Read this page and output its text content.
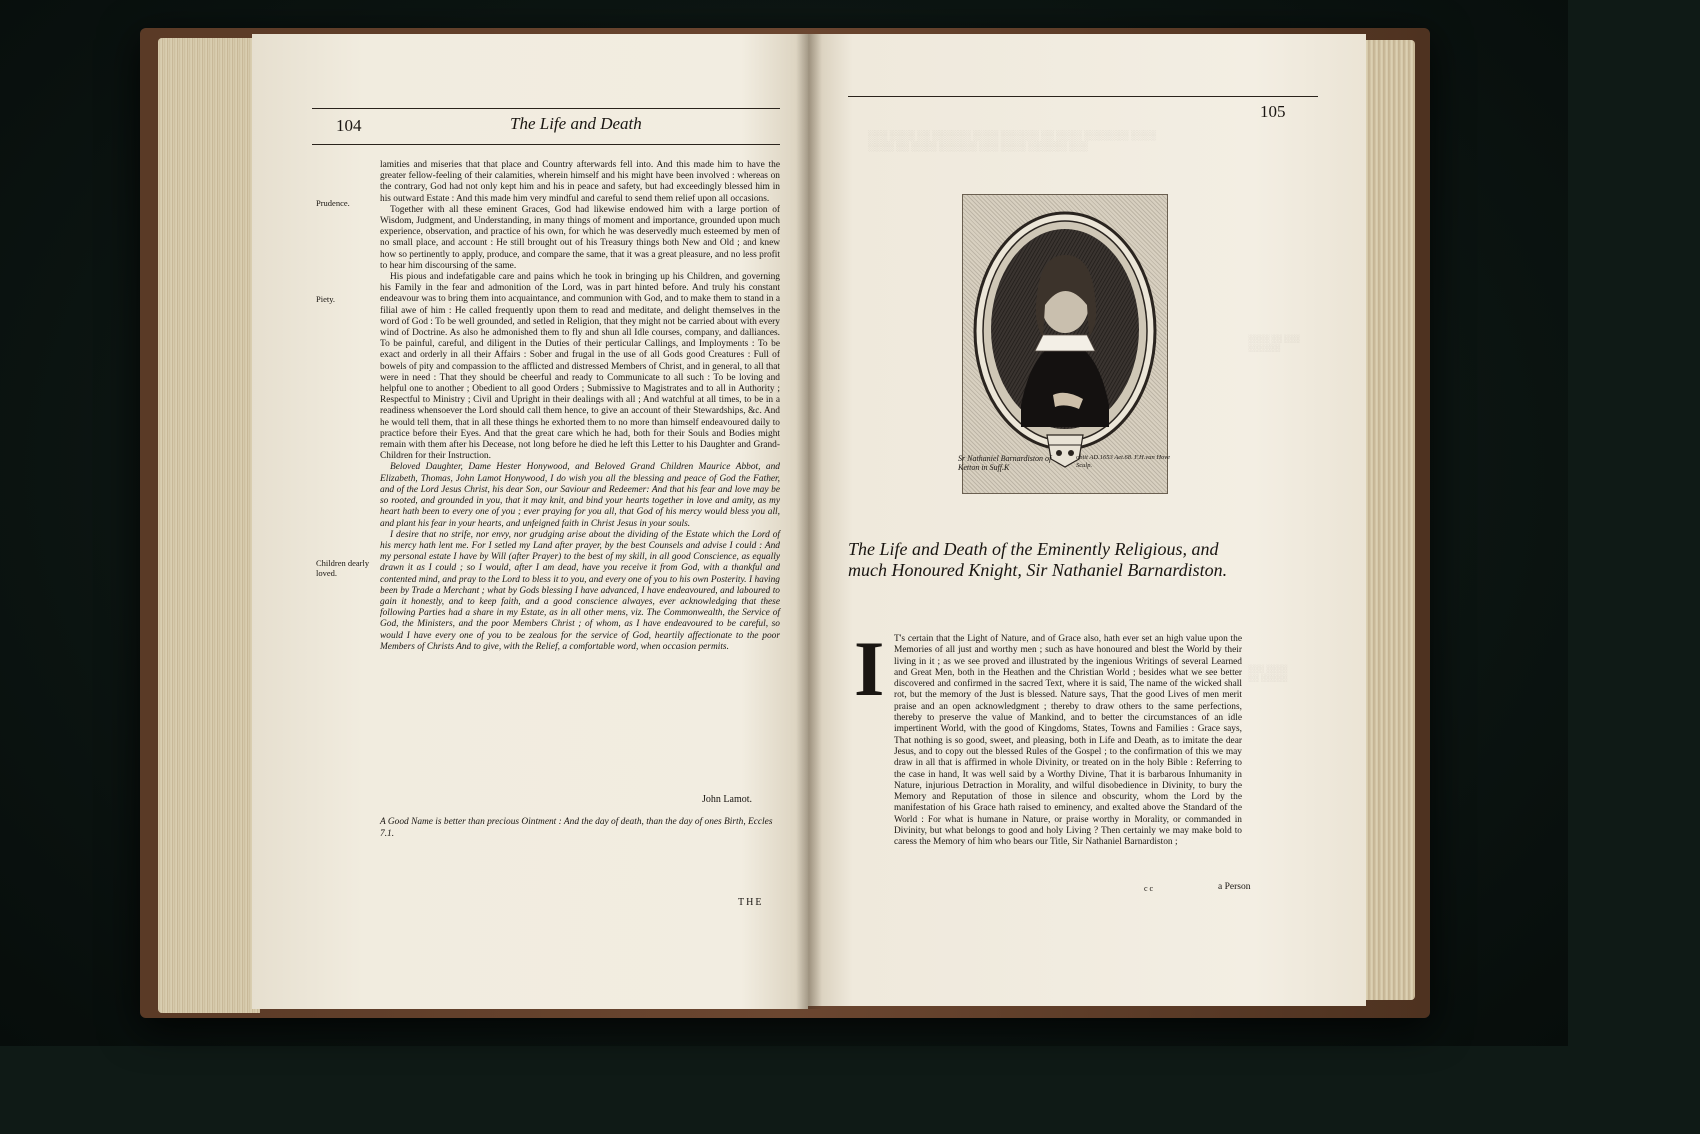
104	The Life and Death
Prudence.
Piety.
Children dearly loved.

lamities and miseries that that place and Country afterwards fell into. And this made him to have the greater fellow-feeling of their calamities, wherein himself and his might have been involved : whereas on the contrary, God had not only kept him and his in peace and safety, but had exceedingly blessed him in his outward Estate : And this made him very mindful and careful to send them relief upon all occasions.

Together with all these eminent Graces, God had likewise endowed him with a large portion of Wisdom, Judgment, and Understanding, in many things of moment and importance, grounded upon much experience, observation, and practice of his own, for which he was deservedly much esteemed by men of no small place, and account : He still brought out of his Treasury things both New and Old ; and knew how so pertinently to apply, produce, and compare the same, that it was a great pleasure, and no less profit to hear him discoursing of the same.

His pious and indefatigable care and pains which he took in bringing up his Children, and governing his Family in the fear and admonition of the Lord, was in part hinted before. And truly his constant endeavour was to bring them into acquaintance, and communion with God, and to make them to stand in a filial awe of him : He called frequently upon them to read and meditate, and delight themselves in the word of God : To be well grounded, and setled in Religion, that they might not be carried about with every wind of Doctrine. As also he admonished them to fly and shun all Idle courses, company, and dalliances. To be painful, careful, and diligent in the Duties of their perticular Callings, and Imployments : To be exact and orderly in all their Affairs : Sober and frugal in the use of all Gods good Creatures : Full of bowels of pity and compassion to the afflicted and distressed Members of Christ, and in general, to all that were in need : That they should be cheerful and ready to Communicate to all such : To be loving and helpful one to another ; Obedient to all good Orders ; Submissive to Magistrates and to all in Authority ; Respectful to Ministry ; Civil and Upright in their dealings with all ; And watchful at all times, to be in a readiness whensoever the Lord should call them hence, to give an account of their Stewardships, &c. And he would tell them, that in all these things he exhorted them to no more than himself endeavoured daily to practice before their Eyes. And that the great care which he had, both for their Souls and Bodies might remain with them after his Decease, not long before he died he left this Letter to his Daughter and Grand-Children for their Instruction.

Beloved Daughter, Dame Hester Honywood, and Beloved Grand Children Maurice Abbot, and Elizabeth, Thomas, John Lamot Honywood, I do wish you all the blessing and peace of God the Father, and of the Lord Jesus Christ, his dear Son, our Saviour and Redeemer: And that his fear and love may be so rooted, and grounded in you, that it may knit, and bind your hearts together in love and amity, as my heart hath been to every one of you ; ever praying for you all, that God of his mercy would bless you all, and plant his fear in your hearts, and unfeigned faith in Christ Jesus in your souls.

I desire that no strife, nor envy, nor grudging arise about the dividing of the Estate which the Lord of his mercy hath lent me. For I setled my Land after prayer, by the best Counsels and advise I could : And my personal estate I have by Will (after Prayer) to the best of my skill, in all good Conscience, as equally drawn it as I could ; so I would, after I am dead, have you receive it from God, with a thankful and contented mind, and pray to the Lord to bless it to you, and every one of you to his own Posterity. I having been by Trade a Merchant ; what by Gods blessing I have advanced, I have endeavoured, and laboured to gain it honestly, and to keep faith, and a good conscience alwayes, ever acknowledging that these following Parties had a share in my Estate, as in all other mens, viz. The Commonwealth, the Service of God, the Ministers, and the poor Members Christ ; of whom, as I have endeavoured to be careful, so would I have every one of you to be zealous for the service of God, heartily affectionate to the poor Members of Christs And to give, with the Relief, a comfortable word, when occasion permits.

John Lamot.
A Good Name is better than precious Ointment : And the day of death, than the day of ones Birth, Eccles 7.1.
THE
105
░░░ ░░░░ ░░ ░░░░░░ ░░░░ ░░░░░░ ░░ ░░░░ ░░░░░░░ ░░░░
░░░░ ░░ ░░░░ ░░░░░░ ░░░ ░░░░ ░░░░░░ ░░░
░░░░ ░░ ░░░
░░░░░░
░░░ ░░░░
░░ ░░░░░
Sr Nathaniel Barnardiston of Ketton in Suff.K
obiit AD.1653 Aet.68. F.H.van Hove Sculp.
The Life and Death of the Eminently Religious, and much Honoured Knight, Sir Nathaniel Barnardiston.
I T's certain that the Light of Nature, and of Grace also, hath ever set an high value upon the Memories of all just and worthy men ; such as have honoured and blest the World by their living in it ; as we see proved and illustrated by the ingenious Writings of several Learned and Great Men, both in the Heathen and the Christian World ; besides what we see better discovered and confirmed in the sacred Text, where it is said, The name of the wicked shall rot, but the memory of the Just is blessed. Nature says, That the good Lives of men merit praise and an open acknowledgment ; thereby to draw others to the same perfections, thereby to preserve the value of Mankind, and to better the circumstances of an idle impertinent World, with the good of Kingdoms, States, Towns and Families : Grace says, That nothing is so good, sweet, and pleasing, both in Life and Death, as to imitate the dear Jesus, and to copy out the blessed Rules of the Gospel ; to the confirmation of this we may draw in all that is affirmed in whole Divinity, or treated on in the holy Bible : Referring to the case in hand, It was well said by a Worthy Divine, That it is barbarous Inhumanity in Nature, injurious Detraction in Morality, and wilful disobedience in Divinity, to bury the Memory and Reputation of those in silence and obscurity, whom the Lord by the manifestation of his Grace hath raised to eminency, and exalted above the Standard of the World : For what is humane in Nature, or praise worthy in Morality, or commanded in Divinity, but what belongs to good and holy Living ? Then certainly we may make bold to caress the Memory of him who bears our Title, Sir Nathaniel Barnardiston ;
c c	a Person
